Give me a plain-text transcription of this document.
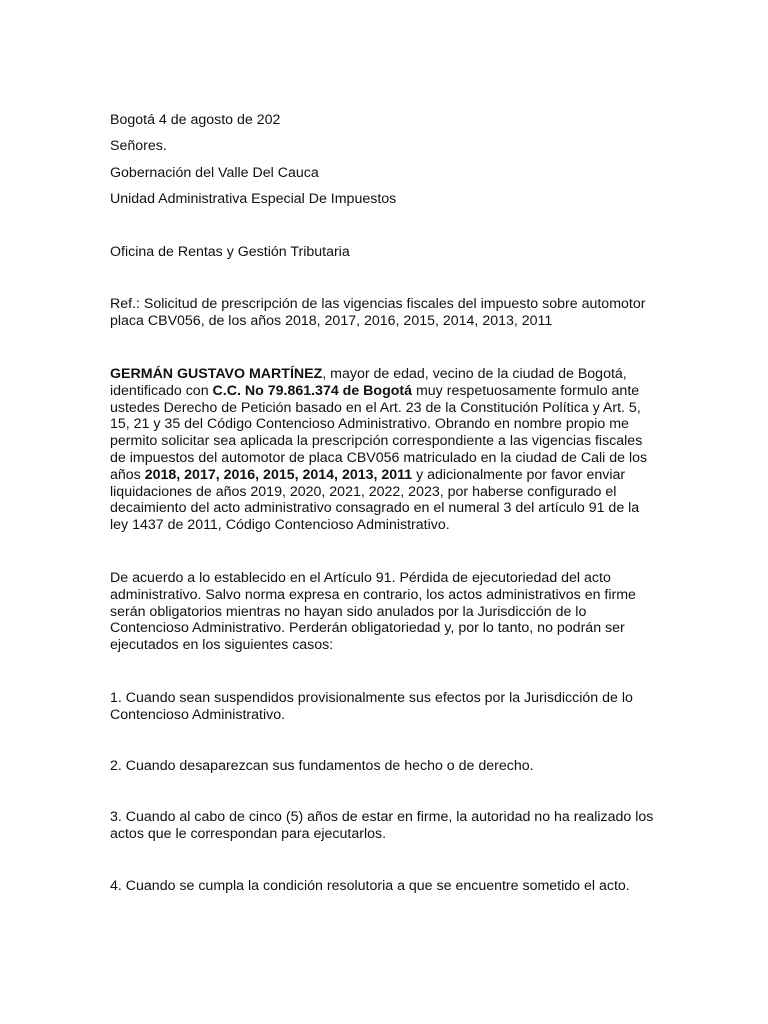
Bogotá 4 de agosto de 202

Señores.

Gobernación del Valle Del Cauca

Unidad Administrativa Especial De Impuestos

Oficina de Rentas y Gestión Tributaria

Ref.: Solicitud de prescripción de las vigencias fiscales del impuesto sobre automotor placa CBV056, de los años 2018, 2017, 2016, 2015, 2014, 2013, 2011

GERMÁN GUSTAVO MARTÍNEZ, mayor de edad, vecino de la ciudad de Bogotá, identificado con C.C. No 79.861.374 de Bogotá muy respetuosamente formulo ante ustedes Derecho de Petición basado en el Art. 23 de la Constitución Política y Art. 5, 15, 21 y 35 del Código Contencioso Administrativo. Obrando en nombre propio me permito solicitar sea aplicada la prescripción correspondiente a las vigencias fiscales de impuestos del automotor de placa CBV056 matriculado en la ciudad de Cali de los años 2018, 2017, 2016, 2015, 2014, 2013, 2011 y adicionalmente por favor enviar liquidaciones de años 2019, 2020, 2021, 2022, 2023, por haberse configurado el decaimiento del acto administrativo consagrado en el numeral 3 del artículo 91 de la ley 1437 de 2011, Código Contencioso Administrativo.

De acuerdo a lo establecido en el Artículo 91. Pérdida de ejecutoriedad del acto administrativo. Salvo norma expresa en contrario, los actos administrativos en firme serán obligatorios mientras no hayan sido anulados por la Jurisdicción de lo Contencioso Administrativo. Perderán obligatoriedad y, por lo tanto, no podrán ser ejecutados en los siguientes casos:

1. Cuando sean suspendidos provisionalmente sus efectos por la Jurisdicción de lo Contencioso Administrativo.

2. Cuando desaparezcan sus fundamentos de hecho o de derecho.

3. Cuando al cabo de cinco (5) años de estar en firme, la autoridad no ha realizado los actos que le correspondan para ejecutarlos.

4. Cuando se cumpla la condición resolutoria a que se encuentre sometido el acto.
